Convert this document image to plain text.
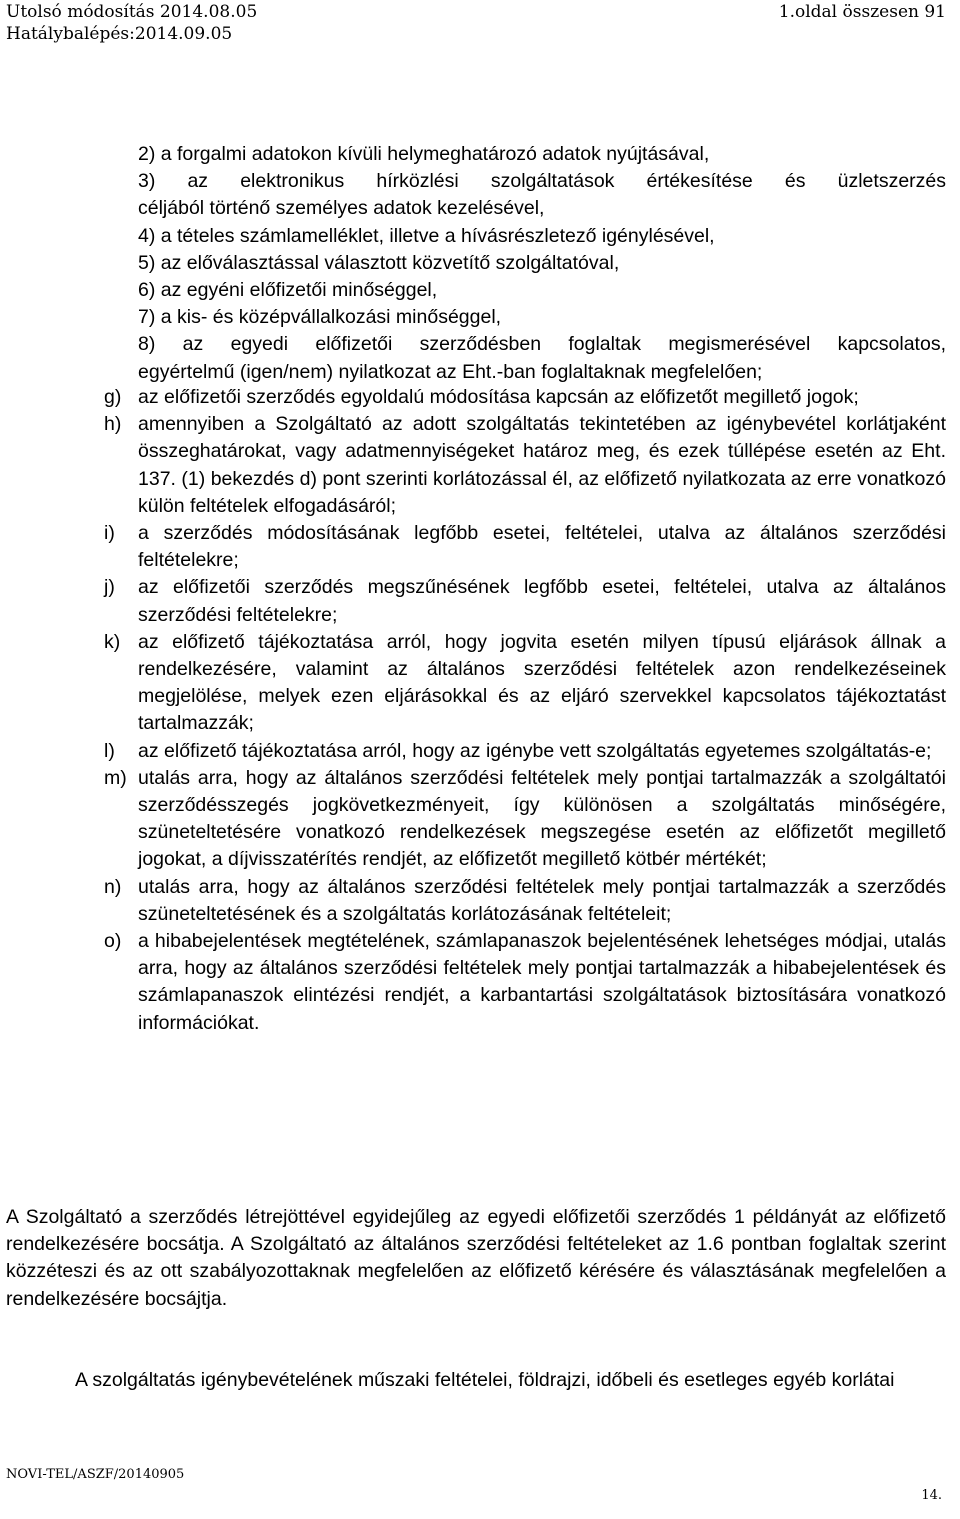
Utolsó módosítás 2014.08.05
Hatálybalépés:2014.09.05
1.oldal összesen 91
2) a forgalmi adatokon kívüli helymeghatározó adatok nyújtásával,
3) az elektronikus hírközlési szolgáltatások értékesítése és üzletszerzés
céljából történő személyes adatok kezelésével,
4) a tételes számlamelléklet, illetve a hívásrészletező igénylésével,
5) az előválasztással választott közvetítő szolgáltatóval,
6) az egyéni előfizetői minőséggel,
7) a kis- és középvállalkozási minőséggel,
8) az egyedi előfizetői szerződésben foglaltak megismerésével kapcsolatos,
egyértelmű (igen/nem) nyilatkozat az Eht.-ban foglaltaknak megfelelően;
g) az előfizetői szerződés egyoldalú módosítása kapcsán az előfizetőt megillető jogok;
h) amennyiben a Szolgáltató az adott szolgáltatás tekintetében az igénybevétel korlátjaként összeghatárokat, vagy adatmennyiségeket határoz meg, és ezek túllépése esetén az Eht. 137. (1) bekezdés d) pont szerinti korlátozással él, az előfizető nyilatkozata az erre vonatkozó külön feltételek elfogadásáról;
i)	a szerződés módosításának legfőbb esetei, feltételei, utalva az általános szerződési feltételekre;
j)	az előfizetői szerződés megszűnésének legfőbb esetei, feltételei, utalva az általános szerződési feltételekre;
k) az előfizető tájékoztatása arról, hogy jogvita esetén milyen típusú eljárások állnak a rendelkezésére, valamint az általános szerződési feltételek azon rendelkezéseinek megjelölése, melyek ezen eljárásokkal és az eljáró szervekkel kapcsolatos tájékoztatást tartalmazzák;
l)	az előfizető tájékoztatása arról, hogy az igénybe vett szolgáltatás egyetemes szolgáltatás-e;
m) utalás arra, hogy az általános szerződési feltételek mely pontjai tartalmazzák a szolgáltatói szerződésszegés jogkövetkezményeit, így különösen a szolgáltatás minőségére, szüneteltetésére vonatkozó rendelkezések megszegése esetén az előfizetőt megillető jogokat, a díjvisszatérítés rendjét, az előfizetőt megillető kötbér mértékét;
n) utalás arra, hogy az általános szerződési feltételek mely pontjai tartalmazzák a szerződés szüneteltetésének és a szolgáltatás korlátozásának feltételeit;
o) a hibabejelentések megtételének, számlapanaszok bejelentésének lehetséges módjai, utalás arra, hogy az általános szerződési feltételek mely pontjai tartalmazzák a hibabejelentések és számlapanaszok elintézési rendjét, a karbantartási szolgáltatások biztosítására vonatkozó információkat.
A Szolgáltató a szerződés létrejöttével egyidejűleg az egyedi előfizetői szerződés 1 példányát az előfizető rendelkezésére bocsátja. A Szolgáltató az általános szerződési feltételeket az 1.6 pontban foglaltak szerint közzéteszi és az ott szabályozottaknak megfelelően az előfizető kérésére és választásának megfelelően a rendelkezésére bocsájtja.
A szolgáltatás igénybevételének műszaki feltételei, földrajzi, időbeli és esetleges egyéb korlátai
NOVI-TEL/ASZF/20140905
14.
